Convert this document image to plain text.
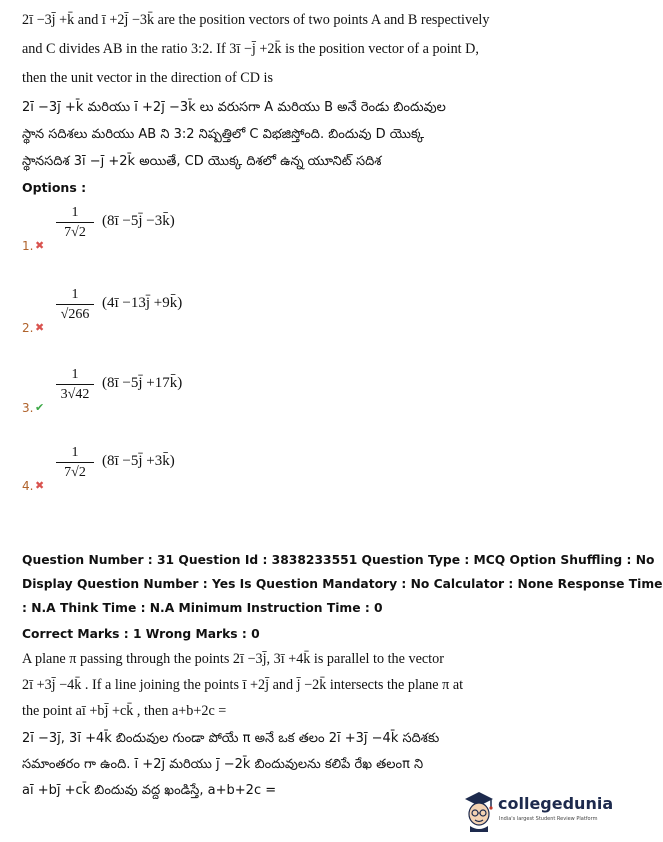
2ī −3j̄ +k̄ and ī +2j̄ −3k̄ are the position vectors of two points A and B respectively
and C divides AB in the ratio 3:2. If 3ī −j̄ +2k̄ is the position vector of a point D,
then the unit vector in the direction of CD is
2ī −3j̄ +k̄ మరియు ī +2j̄ −3k̄ లు వరుసగా A మరియు B అనే రెండు బిందువుల
స్థాన సదిశలు మరియు AB ని 3:2 నిష్పత్తిలో C విభజిస్తోంది. బిందువు D యొక్క
స్థానసదిశ 3ī −j̄ +2k̄ అయితే, CD యొక్క దిశలో ఉన్న యూనిట్ సదిశ
Options :
1. ✖
1
7√2
(8ī −5j̄ −3k̄)
2. ✖
1
√266
(4ī −13j̄ +9k̄)
3. ✔
1
3√42
(8ī −5j̄ +17k̄)
4. ✖
1
7√2
(8ī −5j̄ +3k̄)
Question Number : 31 Question Id : 3838233551 Question Type : MCQ Option Shuffling : No
Display Question Number : Yes Is Question Mandatory : No Calculator : None Response Time
: N.A Think Time : N.A Minimum Instruction Time : 0
Correct Marks : 1 Wrong Marks : 0
A plane π passing through the points 2ī −3j̄, 3ī +4k̄ is parallel to the vector
2ī +3j̄ −4k̄ . If a line joining the points ī +2j̄ and j̄ −2k̄ intersects the plane π at
the point aī +bj̄ +ck̄ , then a+b+2c =
2ī −3j̄, 3ī +4k̄ బిందువుల గుండా పోయే π అనే ఒక తలం 2ī +3j̄ −4k̄ సదిశకు
సమాంతరం గా ఉంది. ī +2j̄ మరియు j̄ −2k̄ బిందువులను కలిపే రేఖ తలంπ ని
aī +bj̄ +ck̄ బిందువు వద్ద ఖండిస్తే, a+b+2c =
collegedunia
India's largest Student Review Platform
